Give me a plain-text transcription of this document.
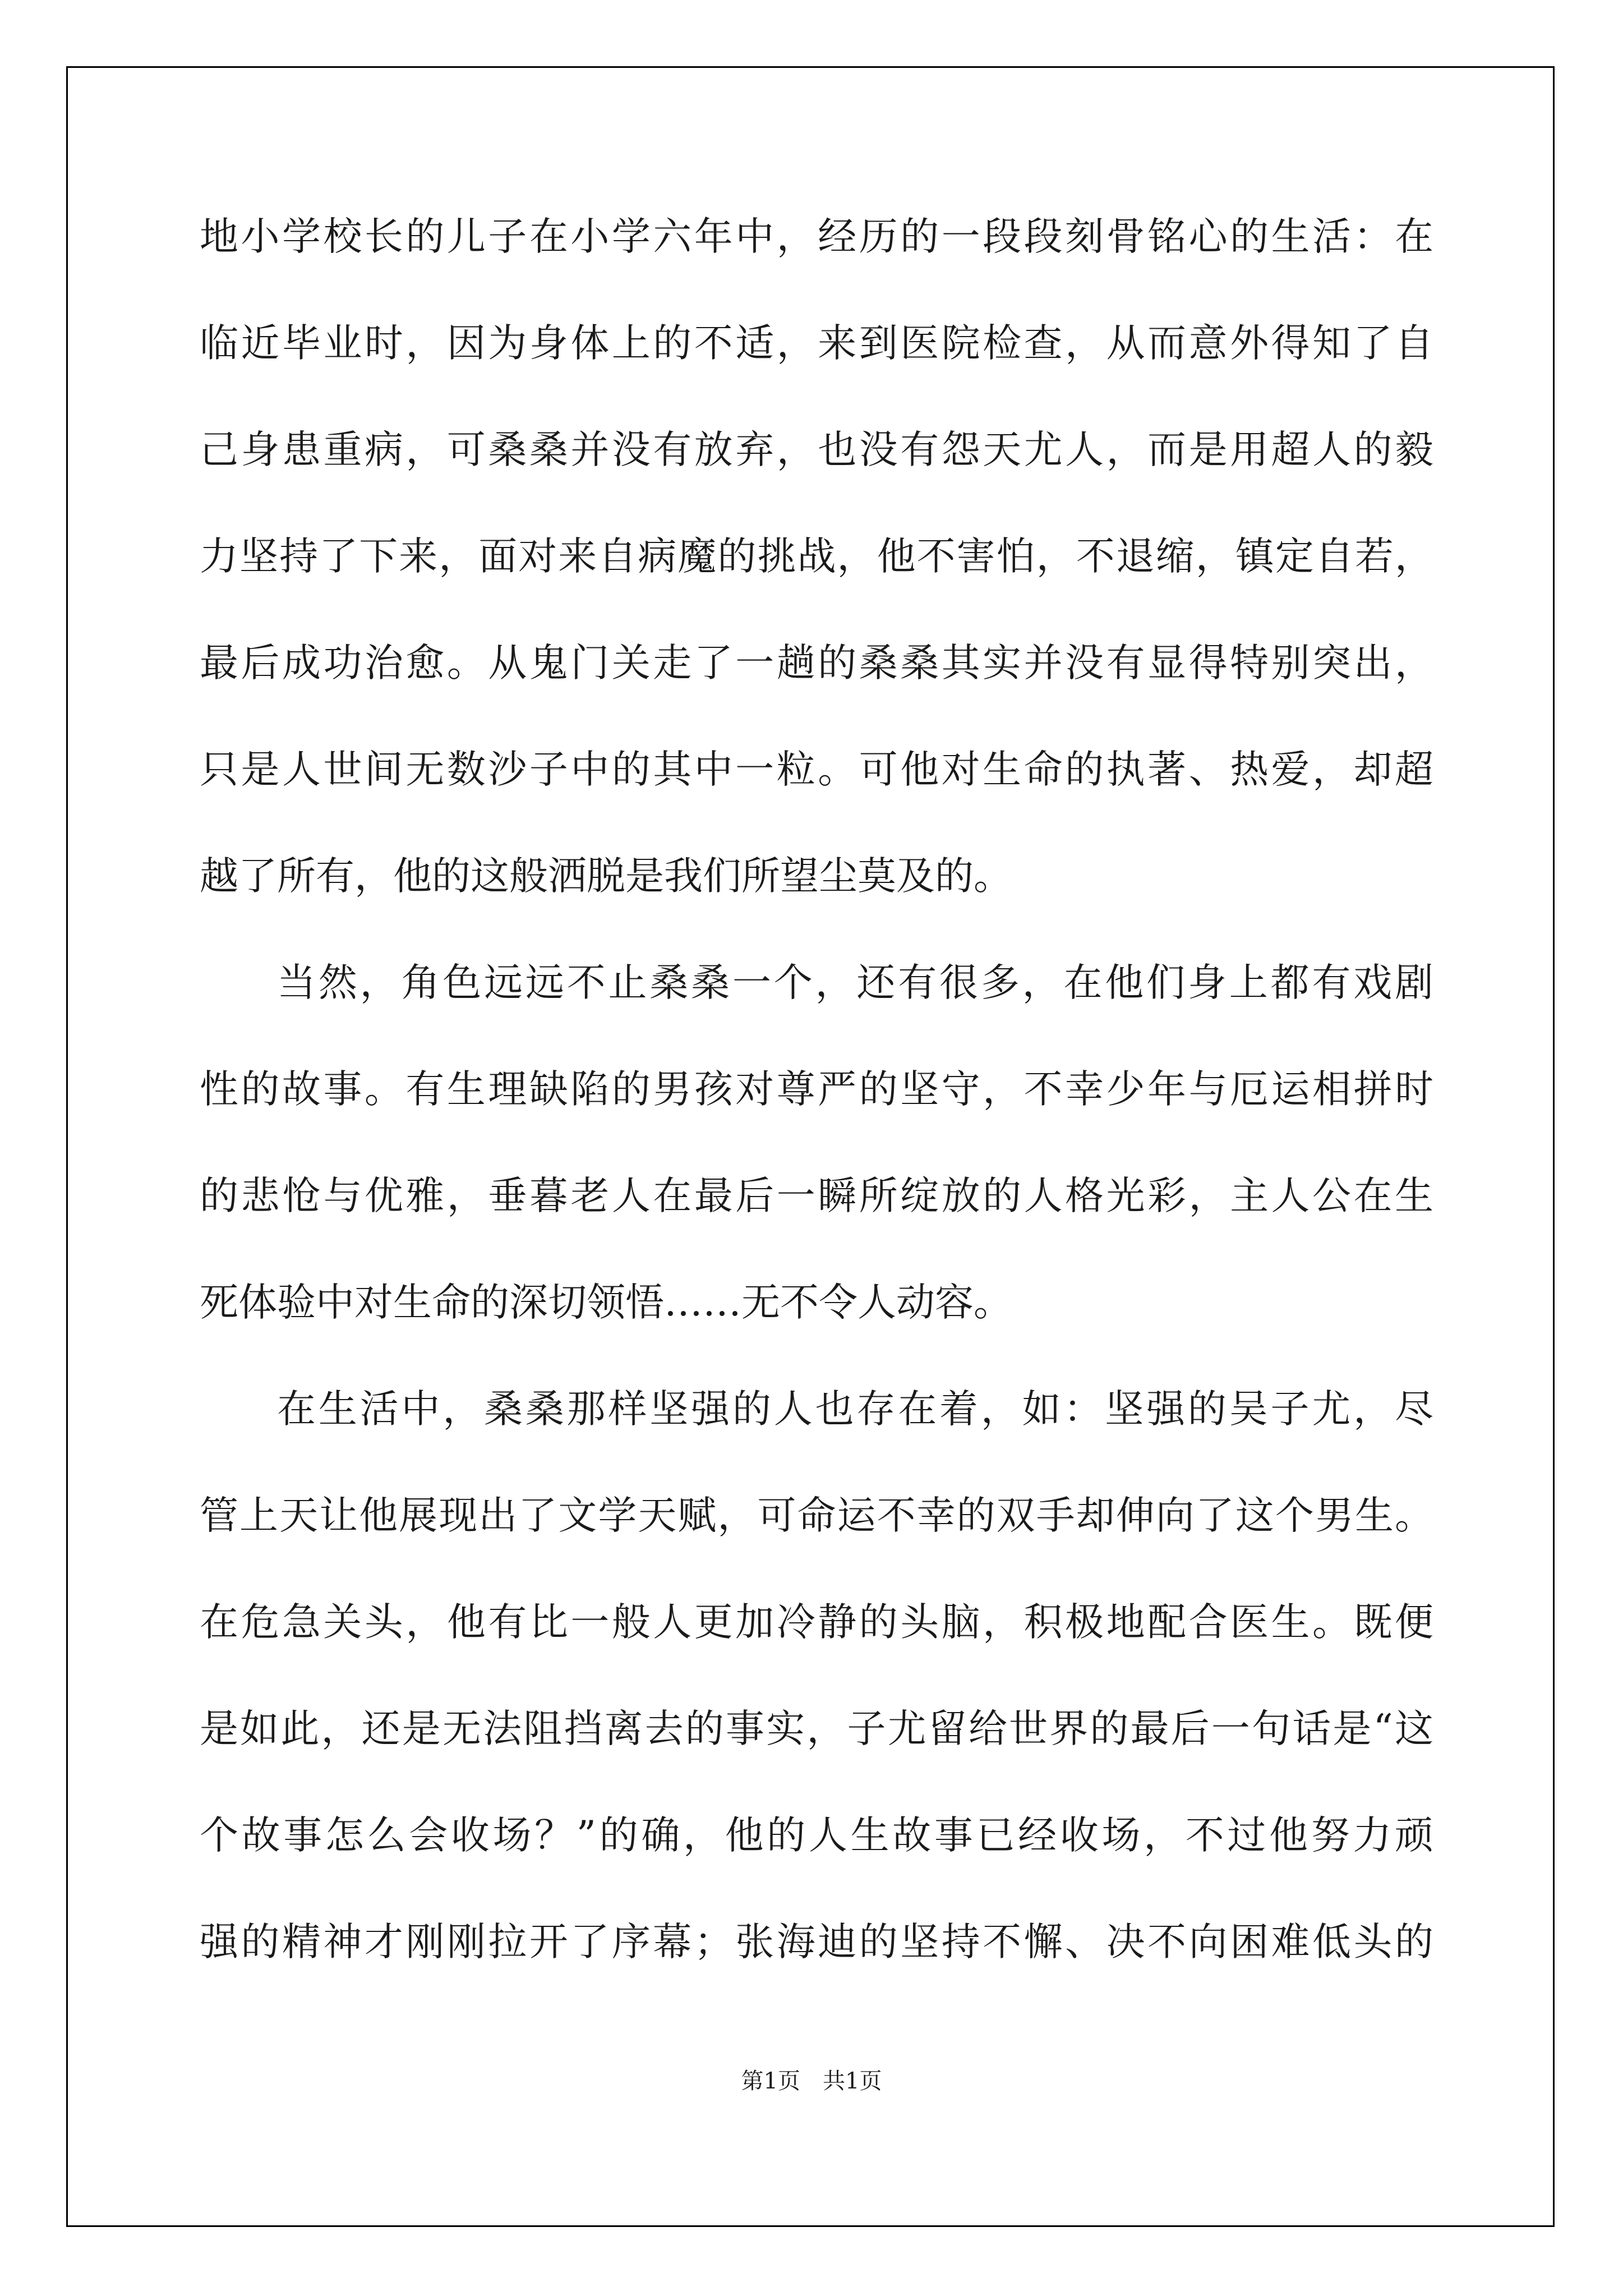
地小学校长的儿子在小学六年中，经历的一段段刻骨铭心的生活：在
临近毕业时，因为身体上的不适，来到医院检查，从而意外得知了自
己身患重病，可桑桑并没有放弃，也没有怨天尤人，而是用超人的毅
力坚持了下来，面对来自病魔的挑战，他不害怕，不退缩，镇定自若，
最后成功治愈。从鬼门关走了一趟的桑桑其实并没有显得特别突出，
只是人世间无数沙子中的其中一粒。可他对生命的执著、热爱，却超
越了所有，他的这般洒脱是我们所望尘莫及的。
当然，角色远远不止桑桑一个，还有很多，在他们身上都有戏剧
性的故事。有生理缺陷的男孩对尊严的坚守，不幸少年与厄运相拼时
的悲怆与优雅，垂暮老人在最后一瞬所绽放的人格光彩，主人公在生
死体验中对生命的深切领悟……无不令人动容。
在生活中，桑桑那样坚强的人也存在着，如：坚强的吴子尤，尽
管上天让他展现出了文学天赋，可命运不幸的双手却伸向了这个男生。
在危急关头，他有比一般人更加冷静的头脑，积极地配合医生。既便
是如此，还是无法阻挡离去的事实，子尤留给世界的最后一句话是“这
个故事怎么会收场？”的确，他的人生故事已经收场，不过他努力顽
强的精神才刚刚拉开了序幕；张海迪的坚持不懈、决不向困难低头的
第1页　共1页
